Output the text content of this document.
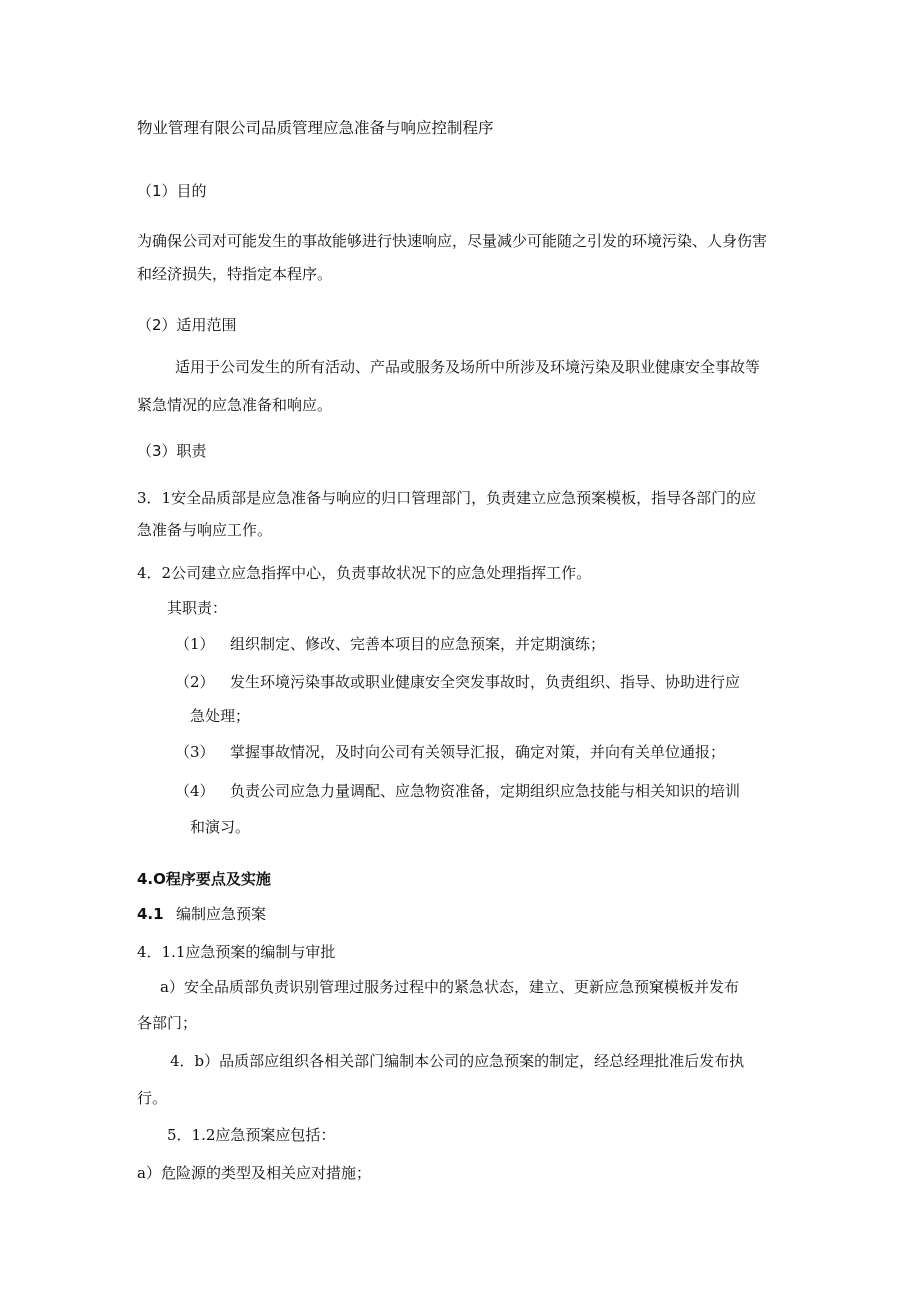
物业管理有限公司品质管理应急准备与响应控制程序
（1）目的
为确保公司对可能发生的事故能够进行快速响应，尽量减少可能随之引发的环境污染、人身伤害
和经济损失，特指定本程序。
（2）适用范围
适用于公司发生的所有活动、产品或服务及场所中所涉及环境污染及职业健康安全事故等
紧急情况的应急准备和响应。
（3）职责
3．1安全品质部是应急准备与响应的归口管理部门，负责建立应急预案模板，指导各部门的应
急准备与响应工作。
4．2公司建立应急指挥中心，负责事故状况下的应急处理指挥工作。
其职责：
（1） 组织制定、修改、完善本项目的应急预案，并定期演练；
（2） 发生环境污染事故或职业健康安全突发事故时，负责组织、指导、协助进行应
急处理；
（3） 掌握事故情况，及时向公司有关领导汇报，确定对策，并向有关单位通报；
（4） 负责公司应急力量调配、应急物资准备，定期组织应急技能与相关知识的培训
和演习。
4.O程序要点及实施
4.1 编制应急预案
4．1.1应急预案的编制与审批
a）安全品质部负责识别管理过服务过程中的紧急状态，建立、更新应急预窠模板并发布
各部门；
4．b）品质部应组织各相关部门编制本公司的应急预案的制定，经总经理批准后发布执
行。
5．1.2应急预案应包括：
a）危险源的类型及相关应对措施；
